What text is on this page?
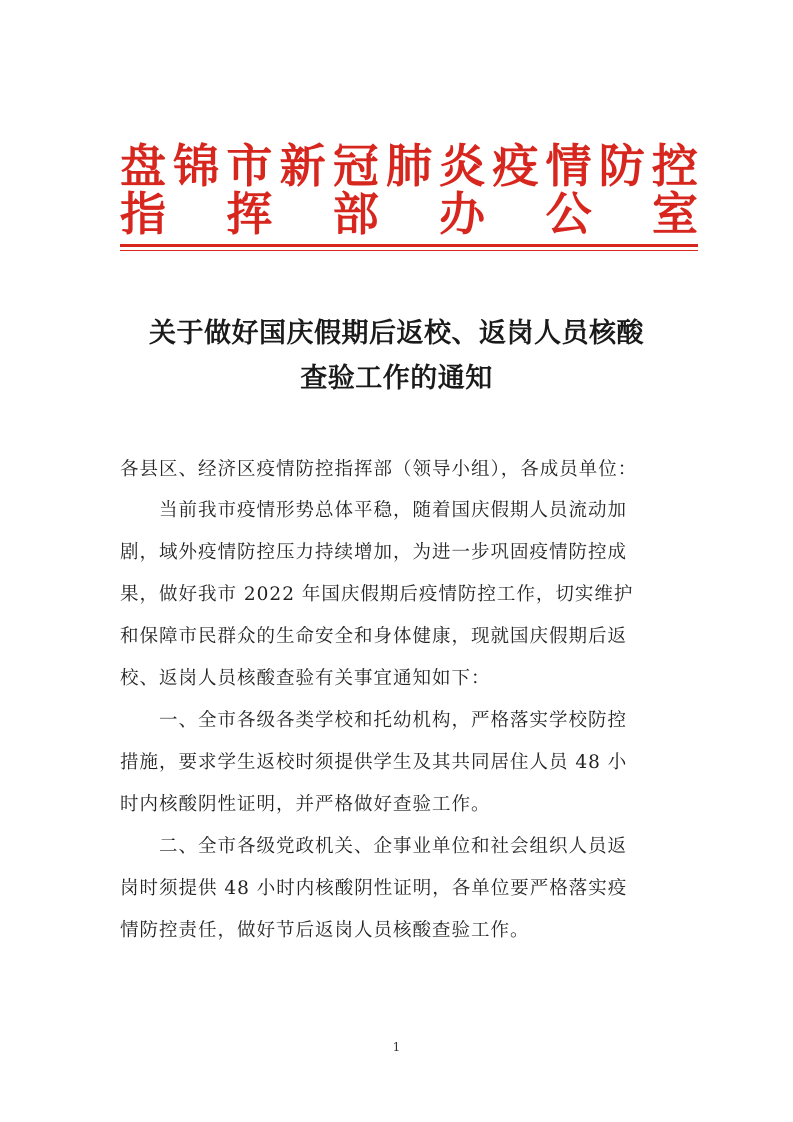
盘 锦 市 新 冠 肺 炎 疫 情 防 控
指 挥 部 办 公 室
关于做好国庆假期后返校、返岗人员核酸
查验工作的通知
各县区、经济区疫情防控指挥部（领导小组），各成员单位：
当前我市疫情形势总体平稳，随着国庆假期人员流动加
剧，域外疫情防控压力持续增加，为进一步巩固疫情防控成
果，做好我市 2022 年国庆假期后疫情防控工作，切实维护
和保障市民群众的生命安全和身体健康，现就国庆假期后返
校、返岗人员核酸查验有关事宜通知如下：
一、全市各级各类学校和托幼机构，严格落实学校防控
措施，要求学生返校时须提供学生及其共同居住人员 48 小
时内核酸阴性证明，并严格做好查验工作。
二、全市各级党政机关、企事业单位和社会组织人员返
岗时须提供 48 小时内核酸阴性证明，各单位要严格落实疫
情防控责任，做好节后返岗人员核酸查验工作。
1
